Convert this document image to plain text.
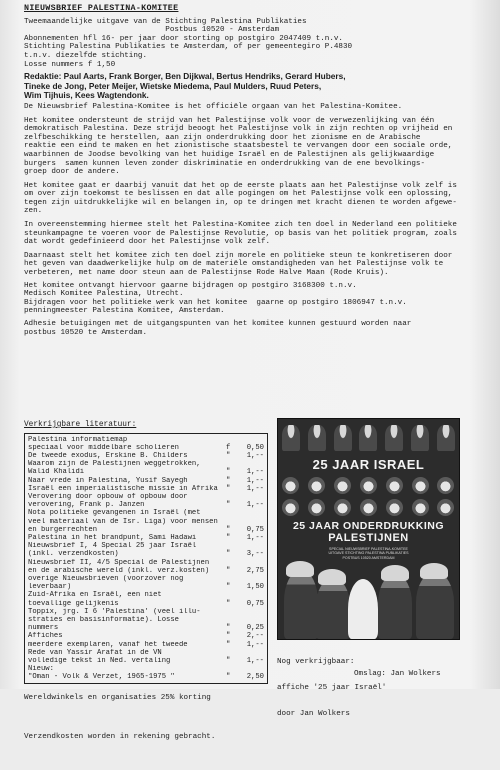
NIEUWSBRIEF PALESTINA-KOMITEE

Tweemaandelijke uitgave van de Stichting Palestina Publikaties

Postbus 10520 - Amsterdam

Abonnementen hfl 16- per jaar door storting op postgiro 2047409 t.n.v.

Stichting Palestina Publikaties te Amsterdam, of per gemeentegiro P.4830

t.n.v. diezelfde stichting.

Losse nummers f 1,50

Redaktie: Paul Aarts, Frank Borger, Ben Dijkwal, Bertus Hendriks, Gerard Hubers,
Tineke de Jong, Peter Meijer, Wietske Miedema, Paul Mulders, Ruud Peters,
Wim Tijhuis, Kees Wagtendonk.

De Nieuwsbrief Palestina-Komitee is het officiële orgaan van het Palestina-Komitee.

Het komitee ondersteunt de strijd van het Palestijnse volk voor de verwezenlijking van één

demokratisch Palestina. Deze strijd beoogt het Palestijnse volk in zijn rechten op vrijheid en

zelfbeschikking te herstellen, aan zijn onderdrukking door het zionisme en de Arabische

reaktie een eind te maken en het zionistische staatsbestel te vervangen door een sociale orde,

waarbinnen de Joodse bevolking van het huidige Israël en de Palestijnen als gelijkwaardige

burgers  samen kunnen leven zonder diskriminatie en onderdrukking van de ene bevolkings-

groep door de andere.

Het komitee gaat er daarbij vanuit dat het op de eerste plaats aan het Palestijnse volk zelf is

om over zijn toekomst te beslissen en dat alle pogingen om het Palestijnse volk een oplossing,

tegen zijn uitdrukkelijke wil en belangen in, op te dringen met kracht dienen te worden afgewe-

zen.

In overeenstemming hiermee stelt het Palestina-Komitee zich ten doel in Nederland een politieke

steunkampagne te voeren voor de Palestijnse Revolutie, op basis van het politiek program, zoals

dat wordt gedefinieerd door het Palestijnse volk zelf.

Daarnaast stelt het komitee zich ten doel zijn morele en politieke steun te konkretiseren door

het geven van daadwerkelijke hulp om de materiële omstandigheden van het Palestijnse volk te

verbeteren, met name door steun aan de Palestijnse Rode Halve Maan (Rode Kruis).

Het komitee ontvangt hiervoor gaarne bijdragen op postgiro 3168300 t.n.v.

Medisch Komitee Palestina, Utrecht.

Bijdragen voor het politieke werk van het komitee  gaarne op postgiro 1806947 t.n.v.

penningmeester Palestina Komitee, Amsterdam.

Adhesie betuigingen met de uitgangspunten van het komitee kunnen gestuurd worden naar

postbus 10520 te Amsterdam.

Verkrijgbare literatuur:

Palestina informatiemap
speciaal voor middelbare scholieren	f	0,50
De tweede exodus, Erskine B. Childers	"	1,--
Waarom zijn de Palestijnen weggetrokken,
Walid Khalidi	"	1,--
Naar vrede in Palestina, Yusif Sayegh	"	1,--
Israël een imperialistische missie in Afrika	"	1,--
Verovering door opbouw of opbouw door
verovering, Frank p. Janzen	"	1,--
Nota politieke gevangenen in Israël (met
veel materiaal van de Isr. Liga) voor mensen
en burgerrechten	"	0,75
Palestina in het brandpunt, Sami Hadawi	"	1,--
Nieuwsbrief I, 4 Special 25 jaar Israël
(inkl. verzendkosten)	"	3,--
Nieuwsbrief II, 4/5 Special de Palestijnen
en de arabische wereld (inkl. verz.kosten)	"	2,75
overige Nieuwsbrieven (voorzover nog
leverbaar)	"	1,50
Zuid-Afrika en Israël, een niet
toevallige gelijkenis	"	0,75
Toppix, jrg. I 6 'Palestina' (veel illu-
straties en basisinformatie). Losse
nummers	"	0,25
Affiches	"	2,--
meerdere exemplaren, vanaf het tweede	"	1,--
Rede van Yassir Arafat in de VN
volledige tekst in Ned. vertaling	"	1,--
Nieuw:
"Oman - Volk & Verzet, 1965-1975 "	"	2,50
25 JAAR ISRAEL
25 JAAR ONDERDRUKKING
PALESTIJNEN
SPECIAL NIEUWSBRIEF PALESTINA-KOMITEE
UITGAVE STICHTING PALESTINA PUBLIKATIES
POSTBUS 10520 AMSTERDAM

Nog verkrijgbaar:

affiche '25 jaar Israël'

door Jan Wolkers

Omslag: Jan Wolkers

Wereldwinkels en organisaties 25% korting

Verzendkosten worden in rekening gebracht.
